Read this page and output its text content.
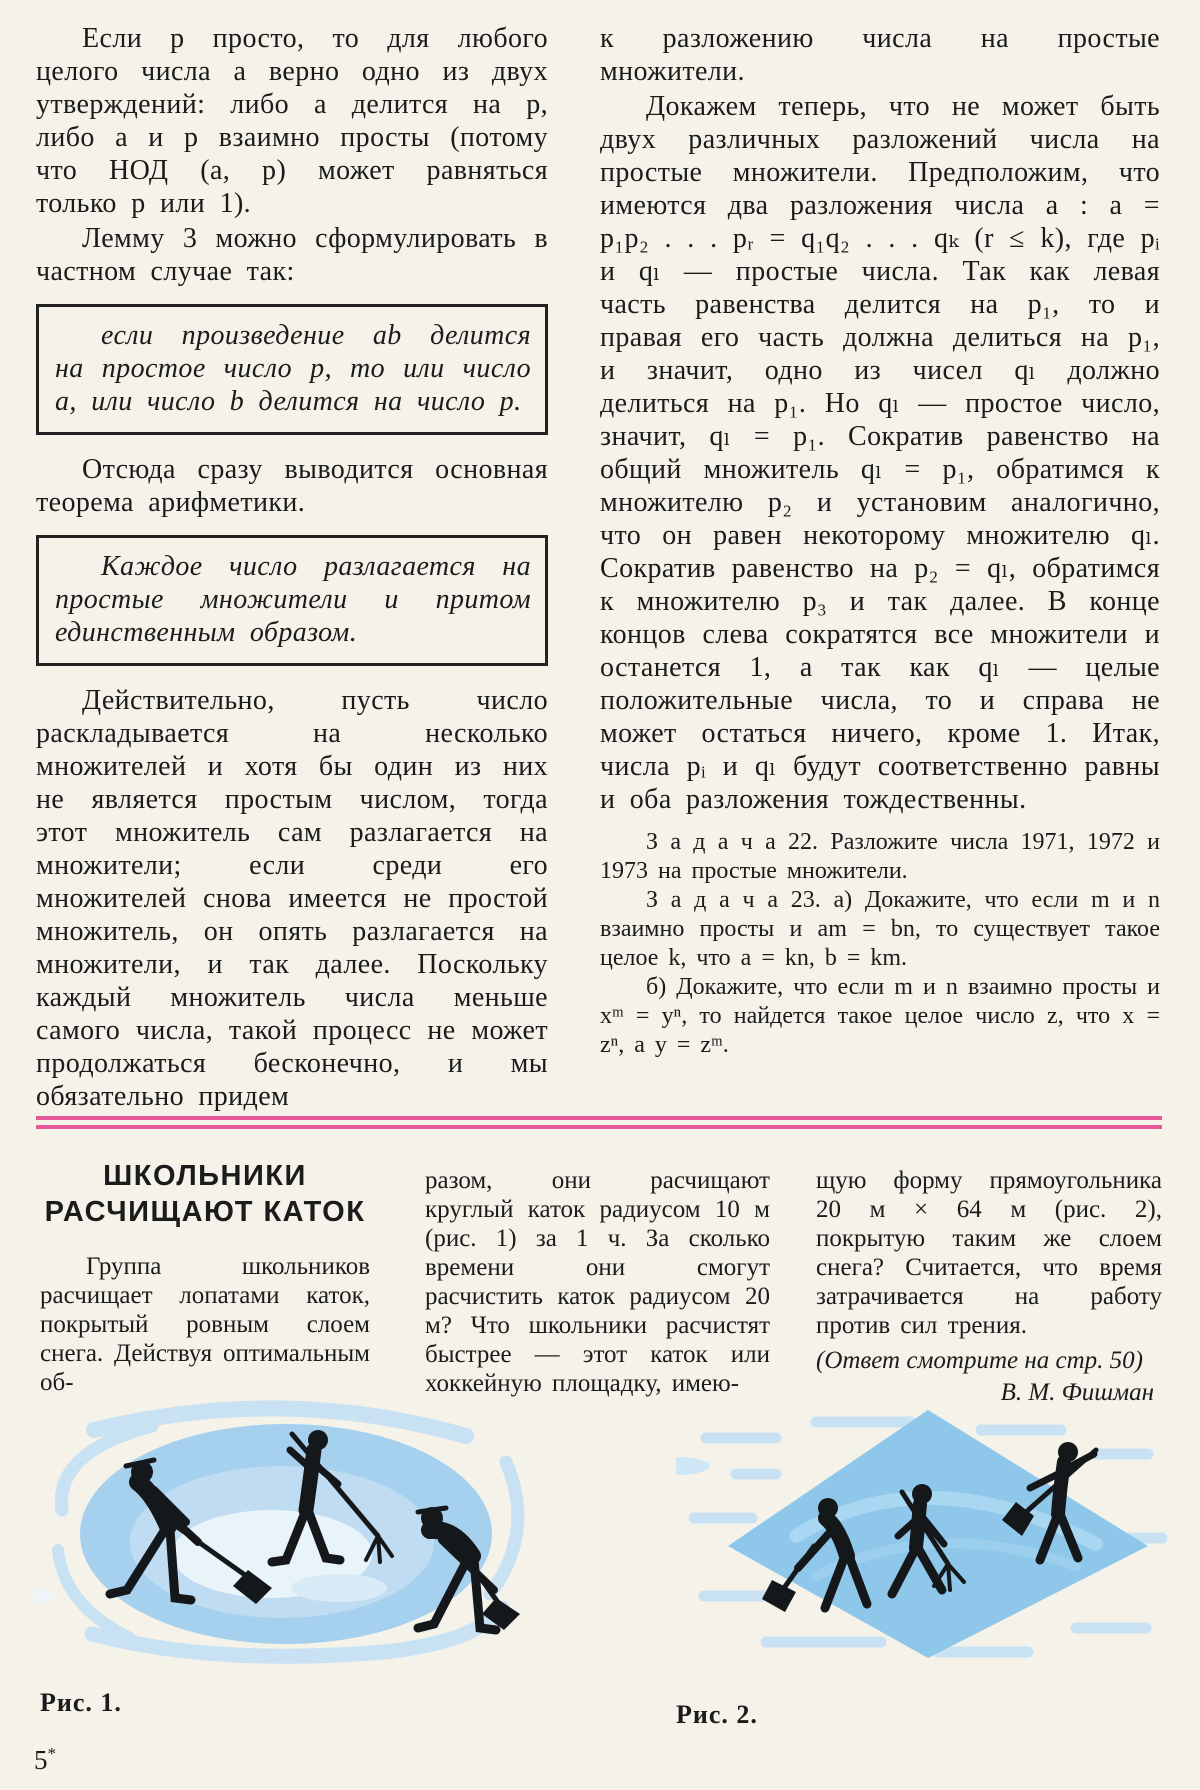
Если p просто, то для любого целого числа a верно одно из двух утверждений: либо a делится на p, либо a и p взаимно просты (потому что НОД (a, p) может равняться только p или 1).

Лемму 3 можно сформулировать в частном случае так:

если произведение ab делится на простое число p, то или число a, или число b делится на число p.

Отсюда сразу выводится основная теорема арифметики.

Каждое число разлагается на простые множители и притом единственным образом.

Действительно, пусть число раскладывается на несколько множителей и хотя бы один из них не является простым числом, тогда этот множитель сам разлагается на множители; если среди его множителей снова имеется не простой множитель, он опять разлагается на множители, и так далее. Поскольку каждый множитель числа меньше самого числа, такой процесс не может продолжаться бесконечно, и мы обязательно придем

к разложению числа на простые множители.

Докажем теперь, что не может быть двух различных разложений числа на простые множители. Предположим, что имеются два разложения числа a : a = p₁p₂ . . . pᵣ = q₁q₂ . . . qₖ (r ≤ k), где pᵢ и qₗ — простые числа. Так как левая часть равенства делится на p₁, то и правая его часть должна делиться на p₁, и значит, одно из чисел qₗ должно делиться на p₁. Но qₗ — простое число, значит, qₗ = p₁. Сократив равенство на общий множитель qₗ = p₁, обратимся к множителю p₂ и установим аналогично, что он равен некоторому множителю qₗ. Сократив равенство на p₂ = qₗ, обратимся к множителю p₃ и так далее. В конце концов слева сократятся все множители и останется 1, а так как qₗ — целые положительные числа, то и справа не может остаться ничего, кроме 1. Итак, числа pᵢ и qₗ будут соответственно равны и оба разложения тождественны.

З а д а ч а 22. Разложите числа 1971, 1972 и 1973 на простые множители.

З а д а ч а 23. а) Докажите, что если m и n взаимно просты и am = bn, то существует такое целое k, что a = kn, b = km.

б) Докажите, что если m и n взаимно просты и xᵐ = yⁿ, то найдется такое целое число z, что x = zⁿ, а y = zᵐ.

ШКОЛЬНИКИ
РАСЧИЩАЮТ КАТОК

Группа школьников расчищает лопатами каток, покрытый ровным слоем снега. Действуя оптимальным об-

разом, они расчищают круглый каток радиусом 10 м (рис. 1) за 1 ч. За сколько времени они смогут расчистить каток радиусом 20 м? Что школьники расчистят быстрее — этот каток или хоккейную площадку, имею-

щую форму прямоугольника 20 м × 64 м (рис. 2), покрытую таким же слоем снега? Считается, что время затрачивается на работу против сил трения.

(Ответ смотрите на стр. 50)

В. М. Фишман

Рис. 1.	Рис. 2.
5*
